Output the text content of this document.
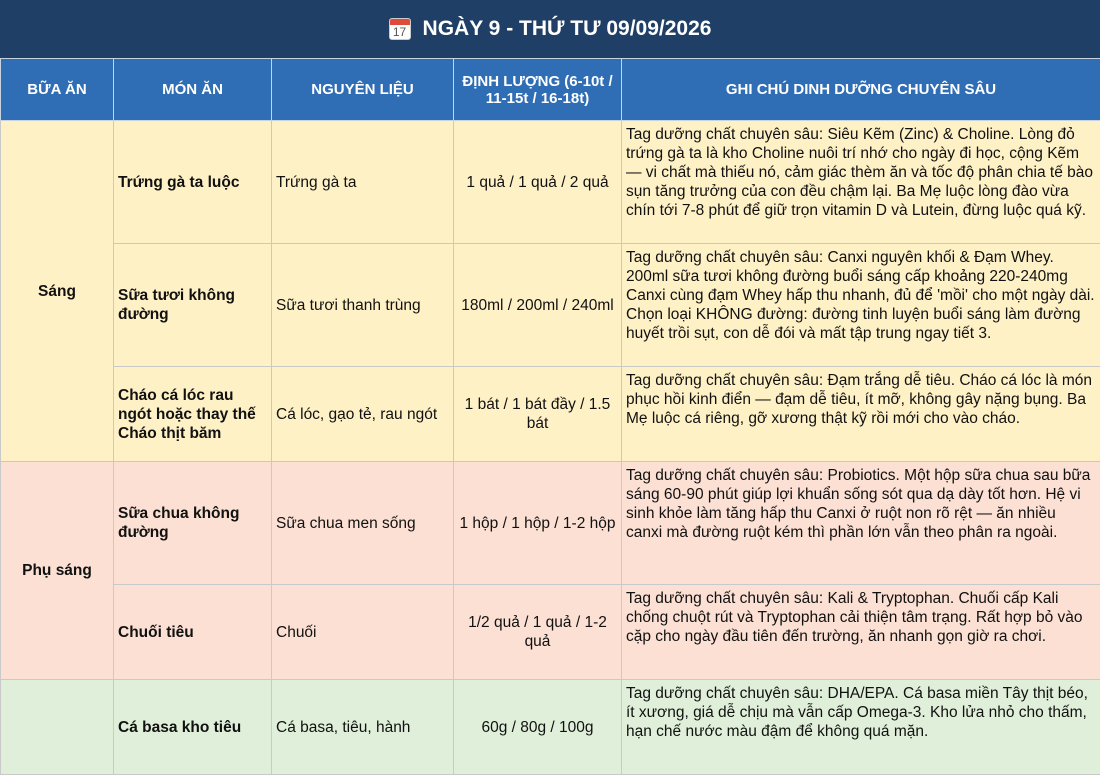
17 NGÀY 9 - THỨ TƯ 09/09/2026
BỮA ĂN	MÓN ĂN	NGUYÊN LIỆU	ĐỊNH LƯỢNG (6-10t / 11-15t / 16-18t)	GHI CHÚ DINH DƯỠNG CHUYÊN SÂU
Sáng	Trứng gà ta luộc	Trứng gà ta	1 quả / 1 quả / 2 quả	Tag dưỡng chất chuyên sâu: Siêu Kẽm (Zinc) & Choline. Lòng đỏ trứng gà ta là kho Choline nuôi trí nhớ cho ngày đi học, cộng Kẽm — vi chất mà thiếu nó, cảm giác thèm ăn và tốc độ phân chia tế bào sụn tăng trưởng của con đều chậm lại. Ba Mẹ luộc lòng đào vừa chín tới 7-8 phút để giữ trọn vitamin D và Lutein, đừng luộc quá kỹ.
	Sữa tươi không đường	Sữa tươi thanh trùng	180ml / 200ml / 240ml	Tag dưỡng chất chuyên sâu: Canxi nguyên khối & Đạm Whey. 200ml sữa tươi không đường buổi sáng cấp khoảng 220-240mg Canxi cùng đạm Whey hấp thu nhanh, đủ để 'mồi' cho một ngày dài. Chọn loại KHÔNG đường: đường tinh luyện buổi sáng làm đường huyết trồi sụt, con dễ đói và mất tập trung ngay tiết 3.
	Cháo cá lóc rau ngót hoặc thay thế Cháo thịt băm	Cá lóc, gạo tẻ, rau ngót	1 bát / 1 bát đầy / 1.5 bát	Tag dưỡng chất chuyên sâu: Đạm trắng dễ tiêu. Cháo cá lóc là món phục hồi kinh điển — đạm dễ tiêu, ít mỡ, không gây nặng bụng. Ba Mẹ luộc cá riêng, gỡ xương thật kỹ rồi mới cho vào cháo.
Phụ sáng	Sữa chua không đường	Sữa chua men sống	1 hộp / 1 hộp / 1-2 hộp	Tag dưỡng chất chuyên sâu: Probiotics. Một hộp sữa chua sau bữa sáng 60-90 phút giúp lợi khuẩn sống sót qua dạ dày tốt hơn. Hệ vi sinh khỏe làm tăng hấp thu Canxi ở ruột non rõ rệt — ăn nhiều canxi mà đường ruột kém thì phần lớn vẫn theo phân ra ngoài.
	Chuối tiêu	Chuối	1/2 quả / 1 quả / 1-2 quả	Tag dưỡng chất chuyên sâu: Kali & Tryptophan. Chuối cấp Kali chống chuột rút và Tryptophan cải thiện tâm trạng. Rất hợp bỏ vào cặp cho ngày đầu tiên đến trường, ăn nhanh gọn giờ ra chơi.
	Cá basa kho tiêu	Cá basa, tiêu, hành	60g / 80g / 100g	Tag dưỡng chất chuyên sâu: DHA/EPA. Cá basa miền Tây thịt béo, ít xương, giá dễ chịu mà vẫn cấp Omega-3. Kho lửa nhỏ cho thấm, hạn chế nước màu đậm để không quá mặn.
